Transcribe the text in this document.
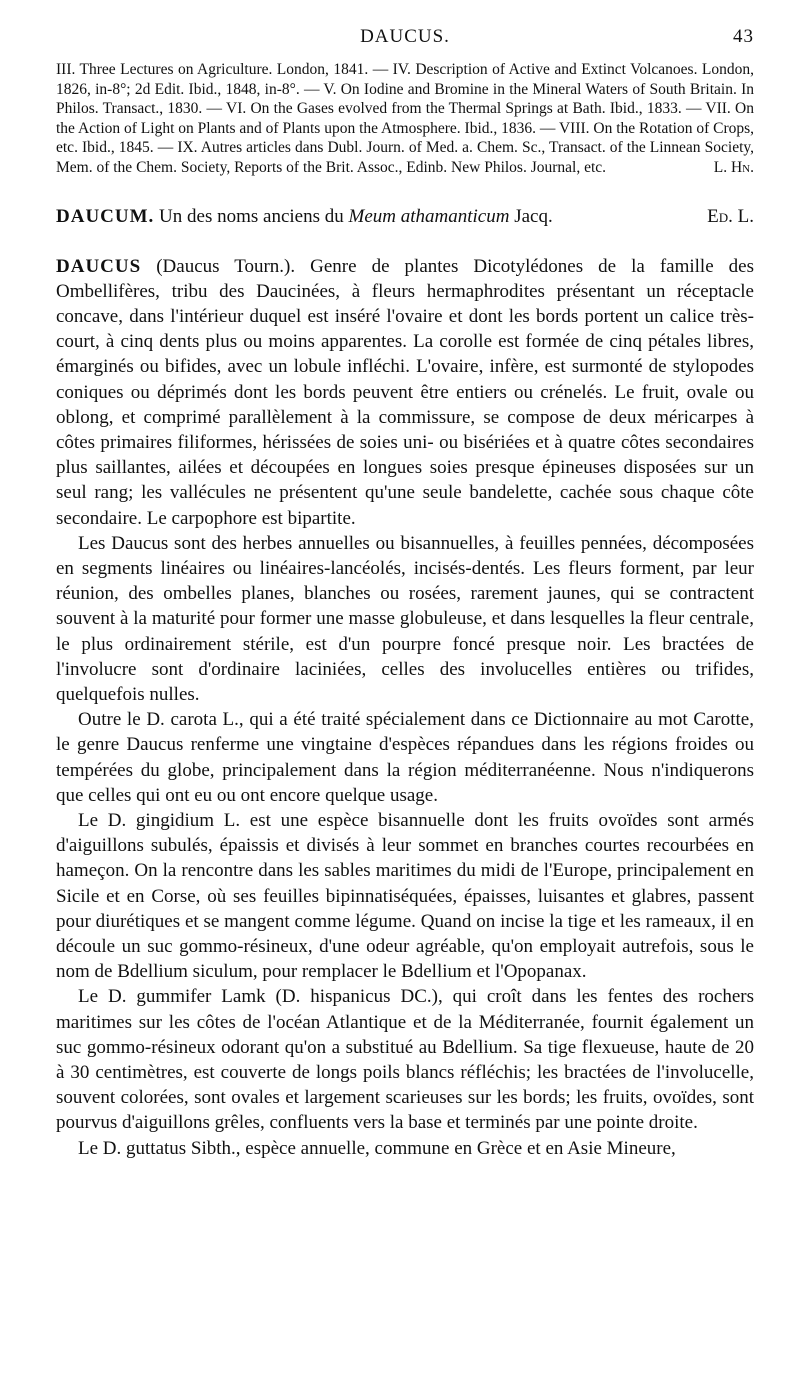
DAUCUS.	43

III. Three Lectures on Agriculture. London, 1841. — IV. Description of Active and Extinct Volcanoes. London, 1826, in-8°; 2d Edit. Ibid., 1848, in-8°. — V. On Iodine and Bromine in the Mineral Waters of South Britain. In Philos. Transact., 1830. — VI. On the Gases evolved from the Thermal Springs at Bath. Ibid., 1833. — VII. On the Action of Light on Plants and of Plants upon the Atmosphere. Ibid., 1836. — VIII. On the Rotation of Crops, etc. Ibid., 1845. — IX. Autres articles dans Dubl. Journ. of Med. a. Chem. Sc., Transact. of the Linnean Society, Mem. of the Chem. Society, Reports of the Brit. Assoc., Edinb. New Philos. Journal, etc.	L. Hn.

Ed. L.
DAUCUM. Un des noms anciens du Meum athamanticum Jacq.

DAUCUS (Daucus Tourn.). Genre de plantes Dicotylédones de la famille des Ombellifères, tribu des Daucinées, à fleurs hermaphrodites présentant un réceptacle concave, dans l'intérieur duquel est inséré l'ovaire et dont les bords portent un calice très-court, à cinq dents plus ou moins apparentes. La corolle est formée de cinq pétales libres, émarginés ou bifides, avec un lobule infléchi. L'ovaire, infère, est surmonté de stylopodes coniques ou déprimés dont les bords peuvent être entiers ou crénelés. Le fruit, ovale ou oblong, et comprimé parallèlement à la commissure, se compose de deux méricarpes à côtes primaires filiformes, hérissées de soies uni- ou bisériées et à quatre côtes secondaires plus saillantes, ailées et découpées en longues soies presque épineuses disposées sur un seul rang; les vallécules ne présentent qu'une seule bandelette, cachée sous chaque côte secondaire. Le carpophore est bipartite.

Les Daucus sont des herbes annuelles ou bisannuelles, à feuilles pennées, décomposées en segments linéaires ou linéaires-lancéolés, incisés-dentés. Les fleurs forment, par leur réunion, des ombelles planes, blanches ou rosées, rarement jaunes, qui se contractent souvent à la maturité pour former une masse globuleuse, et dans lesquelles la fleur centrale, le plus ordinairement stérile, est d'un pourpre foncé presque noir. Les bractées de l'involucre sont d'ordinaire laciniées, celles des involucelles entières ou trifides, quelquefois nulles.

Outre le D. carota L., qui a été traité spécialement dans ce Dictionnaire au mot Carotte, le genre Daucus renferme une vingtaine d'espèces répandues dans les régions froides ou tempérées du globe, principalement dans la région méditerranéenne. Nous n'indiquerons que celles qui ont eu ou ont encore quelque usage.

Le D. gingidium L. est une espèce bisannuelle dont les fruits ovoïdes sont armés d'aiguillons subulés, épaissis et divisés à leur sommet en branches courtes recourbées en hameçon. On la rencontre dans les sables maritimes du midi de l'Europe, principalement en Sicile et en Corse, où ses feuilles bipinnatiséquées, épaisses, luisantes et glabres, passent pour diurétiques et se mangent comme légume. Quand on incise la tige et les rameaux, il en découle un suc gommo-résineux, d'une odeur agréable, qu'on employait autrefois, sous le nom de Bdellium siculum, pour remplacer le Bdellium et l'Opopanax.

Le D. gummifer Lamk (D. hispanicus DC.), qui croît dans les fentes des rochers maritimes sur les côtes de l'océan Atlantique et de la Méditerranée, fournit également un suc gommo-résineux odorant qu'on a substitué au Bdellium. Sa tige flexueuse, haute de 20 à 30 centimètres, est couverte de longs poils blancs réfléchis; les bractées de l'involucelle, souvent colorées, sont ovales et largement scarieuses sur les bords; les fruits, ovoïdes, sont pourvus d'aiguillons grêles, confluents vers la base et terminés par une pointe droite.

Le D. guttatus Sibth., espèce annuelle, commune en Grèce et en Asie Mineure,
